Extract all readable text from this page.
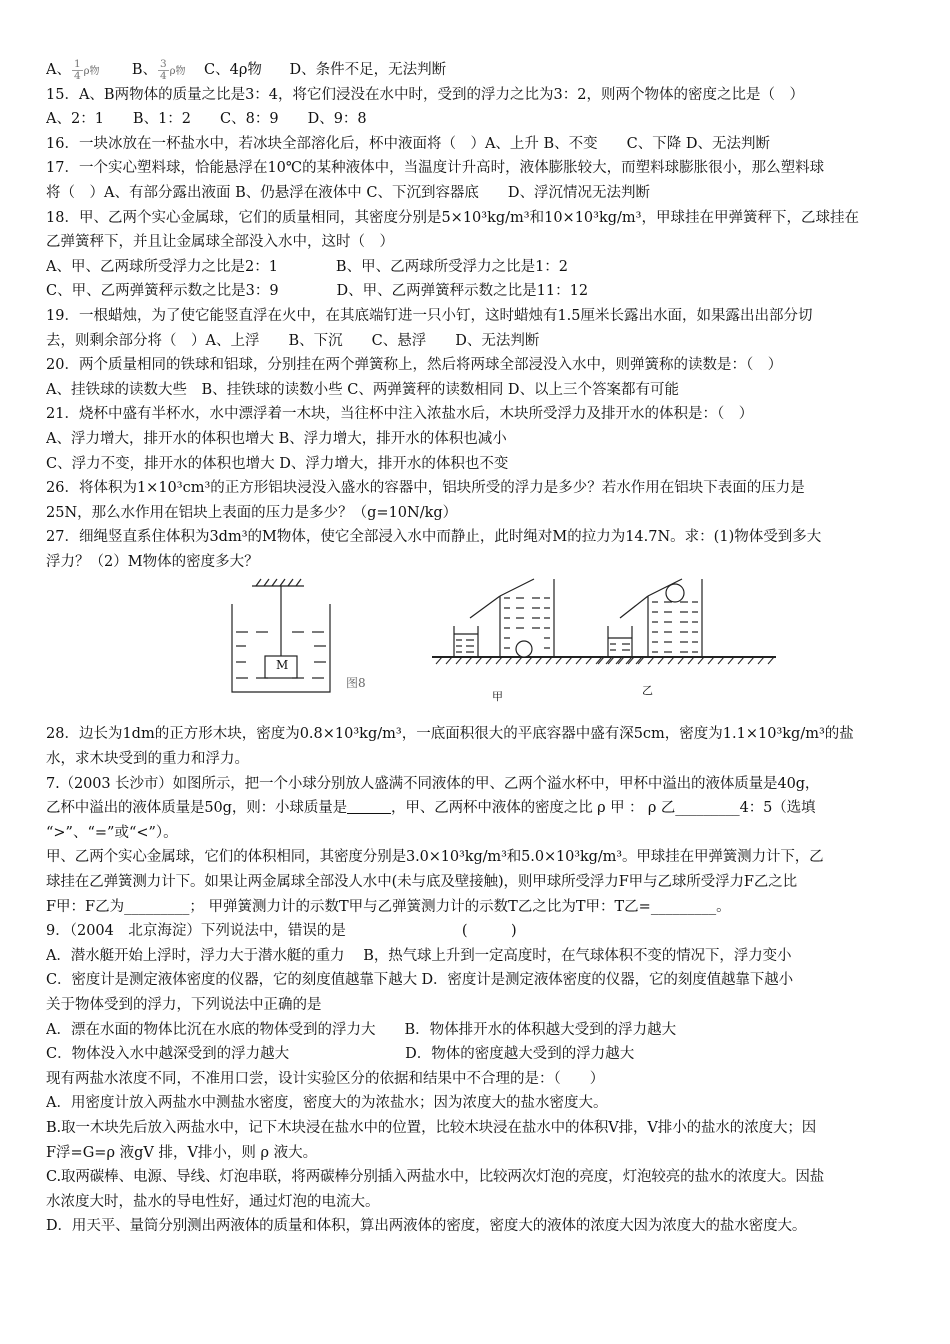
A、 $\frac{1}{4}$ ρ物 B、 $\frac{3}{4}$ ρ物 C、4ρ物 D、条件不足，无法判断
15．A、B两物体的质量之比是3：4，将它们浸没在水中时，受到的浮力之比为3：2，则两个物体的密度之比是（　）
A、2：1　　B、1：2　　C、8：9　　D、9：8
16．一块冰放在一杯盐水中，若冰块全部溶化后，杯中液面将（　）A、上升 B、不变　　C、下降 D、无法判断
17．一个实心塑料球，恰能悬浮在10℃的某种液体中，当温度计升高时，液体膨胀较大，而塑料球膨胀很小，那么塑料球
将（　）A、有部分露出液面 B、仍悬浮在液体中 C、下沉到容器底　　D、浮沉情况无法判断
18．甲、乙两个实心金属球，它们的质量相同，其密度分别是5×10³kg/m³和10×10³kg/m³，甲球挂在甲弹簧秤下，乙球挂在
乙弹簧秤下，并且让金属球全部没入水中，这时（　）
A、甲、乙两球所受浮力之比是2：1　　　　B、甲、乙两球所受浮力之比是1：2
C、甲、乙两弹簧秤示数之比是3：9　　　　D、甲、乙两弹簧秤示数之比是11：12
19．一根蜡烛，为了使它能竖直浮在火中，在其底端钉进一只小钉，这时蜡烛有1.5厘米长露出水面，如果露出出部分切
去，则剩余部分将（　）A、上浮　　B、下沉　　C、悬浮　　D、无法判断
20．两个质量相同的铁球和铝球，分别挂在两个弹簧称上，然后将两球全部浸没入水中，则弹簧称的读数是：（　）
A、挂铁球的读数大些　B、挂铁球的读数小些 C、两弹簧秤的读数相同 D、以上三个答案都有可能
21．烧杯中盛有半杯水，水中漂浮着一木块，当往杯中注入浓盐水后，木块所受浮力及排开水的体积是：（　）
A、浮力增大，排开水的体积也增大 B、浮力增大，排开水的体积也减小
C、浮力不变，排开水的体积也增大 D、浮力增大，排开水的体积也不变
26．将体积为1×10³cm³的正方形铝块浸没入盛水的容器中，铝块所受的浮力是多少？若水作用在铝块下表面的压力是
25N，那么水作用在铝块上表面的压力是多少？（g=10N/kg）
27．细绳竖直系住体积为3dm³的M物体，使它全部浸入水中而静止，此时绳对M的拉力为14.7N。求：(1)物体受到多大
浮力？（2）M物体的密度多大？
M
图8
甲	乙
28．边长为1dm的正方形木块，密度为0.8×10³kg/m³，一底面积很大的平底容器中盛有深5cm，密度为1.1×10³kg/m³的盐
水，求木块受到的重力和浮力。
7.（2003 长沙市）如图所示，把一个小球分别放人盛满不同液体的甲、乙两个溢水杯中，甲杯中溢出的液体质量是40g，
乙杯中溢出的液体质量是50g，则：小球质量是	，甲、乙两杯中液体的密度之比 ρ 甲 ： ρ 乙_________4：5（选填
“>”、“=”或“<”）。
甲、乙两个实心金属球，它们的体积相同，其密度分别是3.0×10³kg/m³和5.0×10³kg/m³。甲球挂在甲弹簧测力计下，乙
球挂在乙弹簧测力计下。如果让两金属球全部没人水中(未与底及壁接触)，则甲球所受浮力F甲与乙球所受浮力F乙之比
F甲：F乙为_________； 甲弹簧测力计的示数T甲与乙弹簧测力计的示数T乙之比为T甲：T乙=_________。
9．（2004　北京海淀）下列说法中，错误的是　　　　　　　　(　　　)
A．潜水艇开始上浮时，浮力大于潜水艇的重力　 B，热气球上升到一定高度时，在气球体积不变的情况下，浮力变小
C．密度计是测定液体密度的仪器，它的刻度值越靠下越大 D．密度计是测定液体密度的仪器，它的刻度值越靠下越小
关于物体受到的浮力，下列说法中正确的是
A．漂在水面的物体比沉在水底的物体受到的浮力大　　B．物体排开水的体积越大受到的浮力越大
C．物体没入水中越深受到的浮力越大　　　　　　　　D．物体的密度越大受到的浮力越大
现有两盐水浓度不同，不准用口尝，设计实验区分的依据和结果中不合理的是：（　　）
A．用密度计放入两盐水中测盐水密度，密度大的为浓盐水；因为浓度大的盐水密度大。
B.取一木块先后放入两盐水中，记下木块浸在盐水中的位置，比较木块浸在盐水中的体积V排，V排小的盐水的浓度大；因
F浮=G=ρ 液gV 排，V排小，则 ρ 液大。
C.取两碳棒、电源、导线、灯泡串联，将两碳棒分别插入两盐水中，比较两次灯泡的亮度，灯泡较亮的盐水的浓度大。因盐
水浓度大时，盐水的导电性好，通过灯泡的电流大。
D．用天平、量筒分别测出两液体的质量和体积，算出两液体的密度，密度大的液体的浓度大因为浓度大的盐水密度大。
